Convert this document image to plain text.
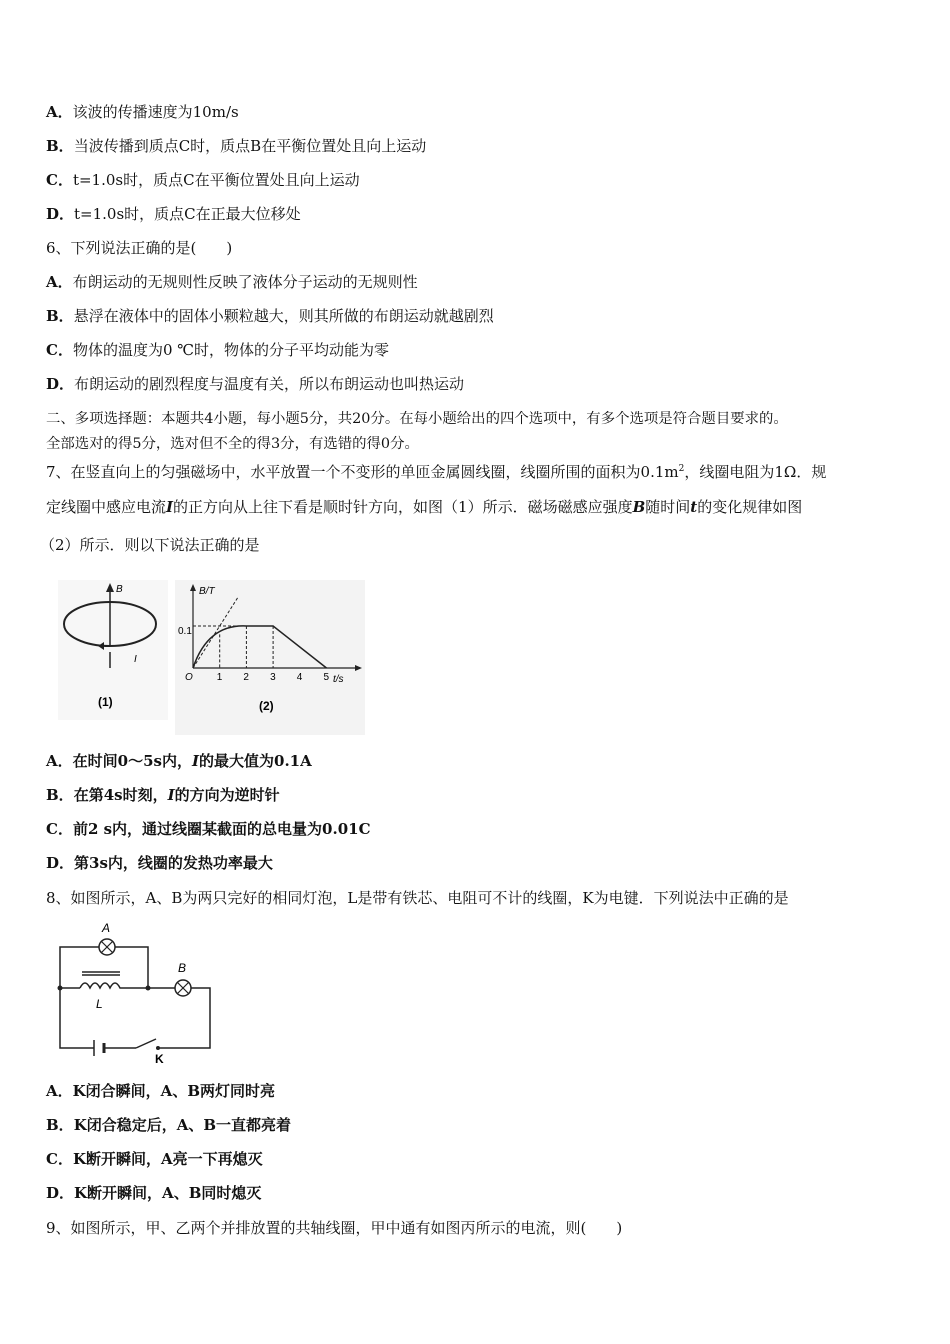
A．该波的传播速度为10m/s
B．当波传播到质点C时，质点B在平衡位置处且向上运动
C．t=1.0s时，质点C在平衡位置处且向上运动
D．t=1.0s时，质点C在正最大位移处
6、下列说法正确的是(　　)
A．布朗运动的无规则性反映了液体分子运动的无规则性
B．悬浮在液体中的固体小颗粒越大，则其所做的布朗运动就越剧烈
C．物体的温度为0 ℃时，物体的分子平均动能为零
D．布朗运动的剧烈程度与温度有关，所以布朗运动也叫热运动
二、多项选择题：本题共4小题，每小题5分，共20分。在每小题给出的四个选项中，有多个选项是符合题目要求的。
全部选对的得5分，选对但不全的得3分，有选错的得0分。
7、在竖直向上的匀强磁场中，水平放置一个不变形的单匝金属圆线圈，线圈所围的面积为$0.1m^2$，线圈电阻为1Ω．规
定线圈中感应电流I的正方向从上往下看是顺时针方向，如图（1）所示．磁场磁感应强度B随时间t的变化规律如图
（2）所示．则以下说法正确的是
B
I
(1)
B/T
t/s
0.1
O 1 2 3 4 5
(2)
A．在时间0～5s内，I的最大值为0.1A
B．在第4s时刻，I的方向为逆时针
C．前2 s内，通过线圈某截面的总电量为0.01C
D．第3s内，线圈的发热功率最大
8、如图所示，A、B为两只完好的相同灯泡，L是带有铁芯、电阻可不计的线圈，K为电键．下列说法中正确的是
A
L
B
K
A．K闭合瞬间，A、B两灯同时亮
B．K闭合稳定后，A、B一直都亮着
C．K断开瞬间，A亮一下再熄灭
D．K断开瞬间，A、B同时熄灭
9、如图所示，甲、乙两个并排放置的共轴线圈，甲中通有如图丙所示的电流，则(　　)
